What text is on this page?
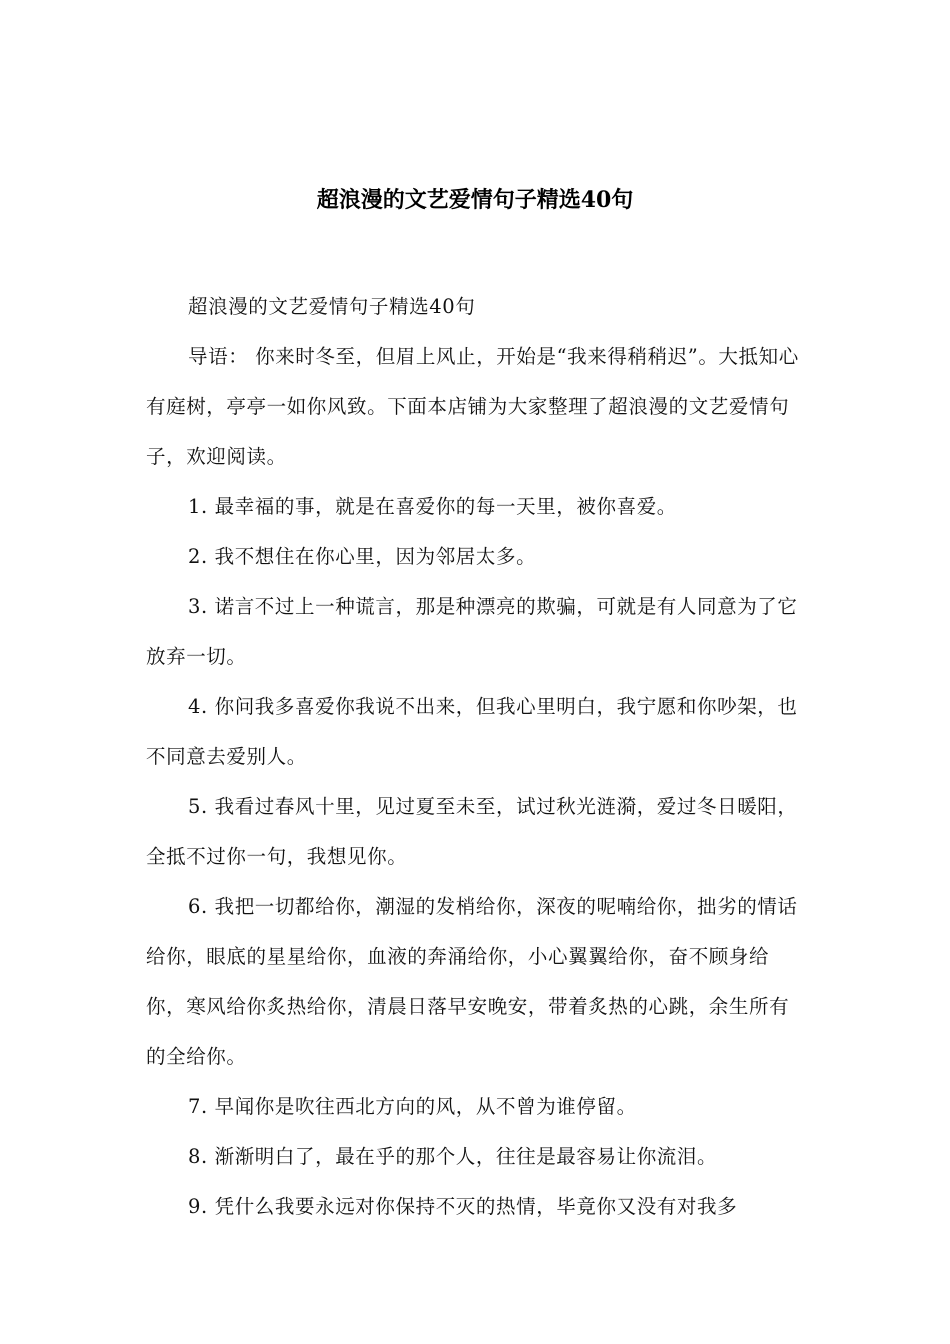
超浪漫的文艺爱情句子精选40句

超浪漫的文艺爱情句子精选40句

导语： 你来时冬至，但眉上风止，开始是“我来得稍稍迟”。大抵知心有庭树，亭亭一如你风致。下面本店铺为大家整理了超浪漫的文艺爱情句子，欢迎阅读。

1. 最幸福的事，就是在喜爱你的每一天里，被你喜爱。

2. 我不想住在你心里，因为邻居太多。

3. 诺言不过上一种谎言，那是种漂亮的欺骗，可就是有人同意为了它放弃一切。

4. 你问我多喜爱你我说不出来，但我心里明白，我宁愿和你吵架，也不同意去爱别人。

5. 我看过春风十里，见过夏至未至，试过秋光涟漪，爱过冬日暖阳，全抵不过你一句，我想见你。

6. 我把一切都给你，潮湿的发梢给你，深夜的呢喃给你，拙劣的情话给你，眼底的星星给你，血液的奔涌给你，小心翼翼给你，奋不顾身给你，寒风给你炙热给你，清晨日落早安晚安，带着炙热的心跳，余生所有的全给你。

7. 早闻你是吹往西北方向的风，从不曾为谁停留。

8. 渐渐明白了，最在乎的那个人，往往是最容易让你流泪。

9. 凭什么我要永远对你保持不灭的热情，毕竟你又没有对我多
